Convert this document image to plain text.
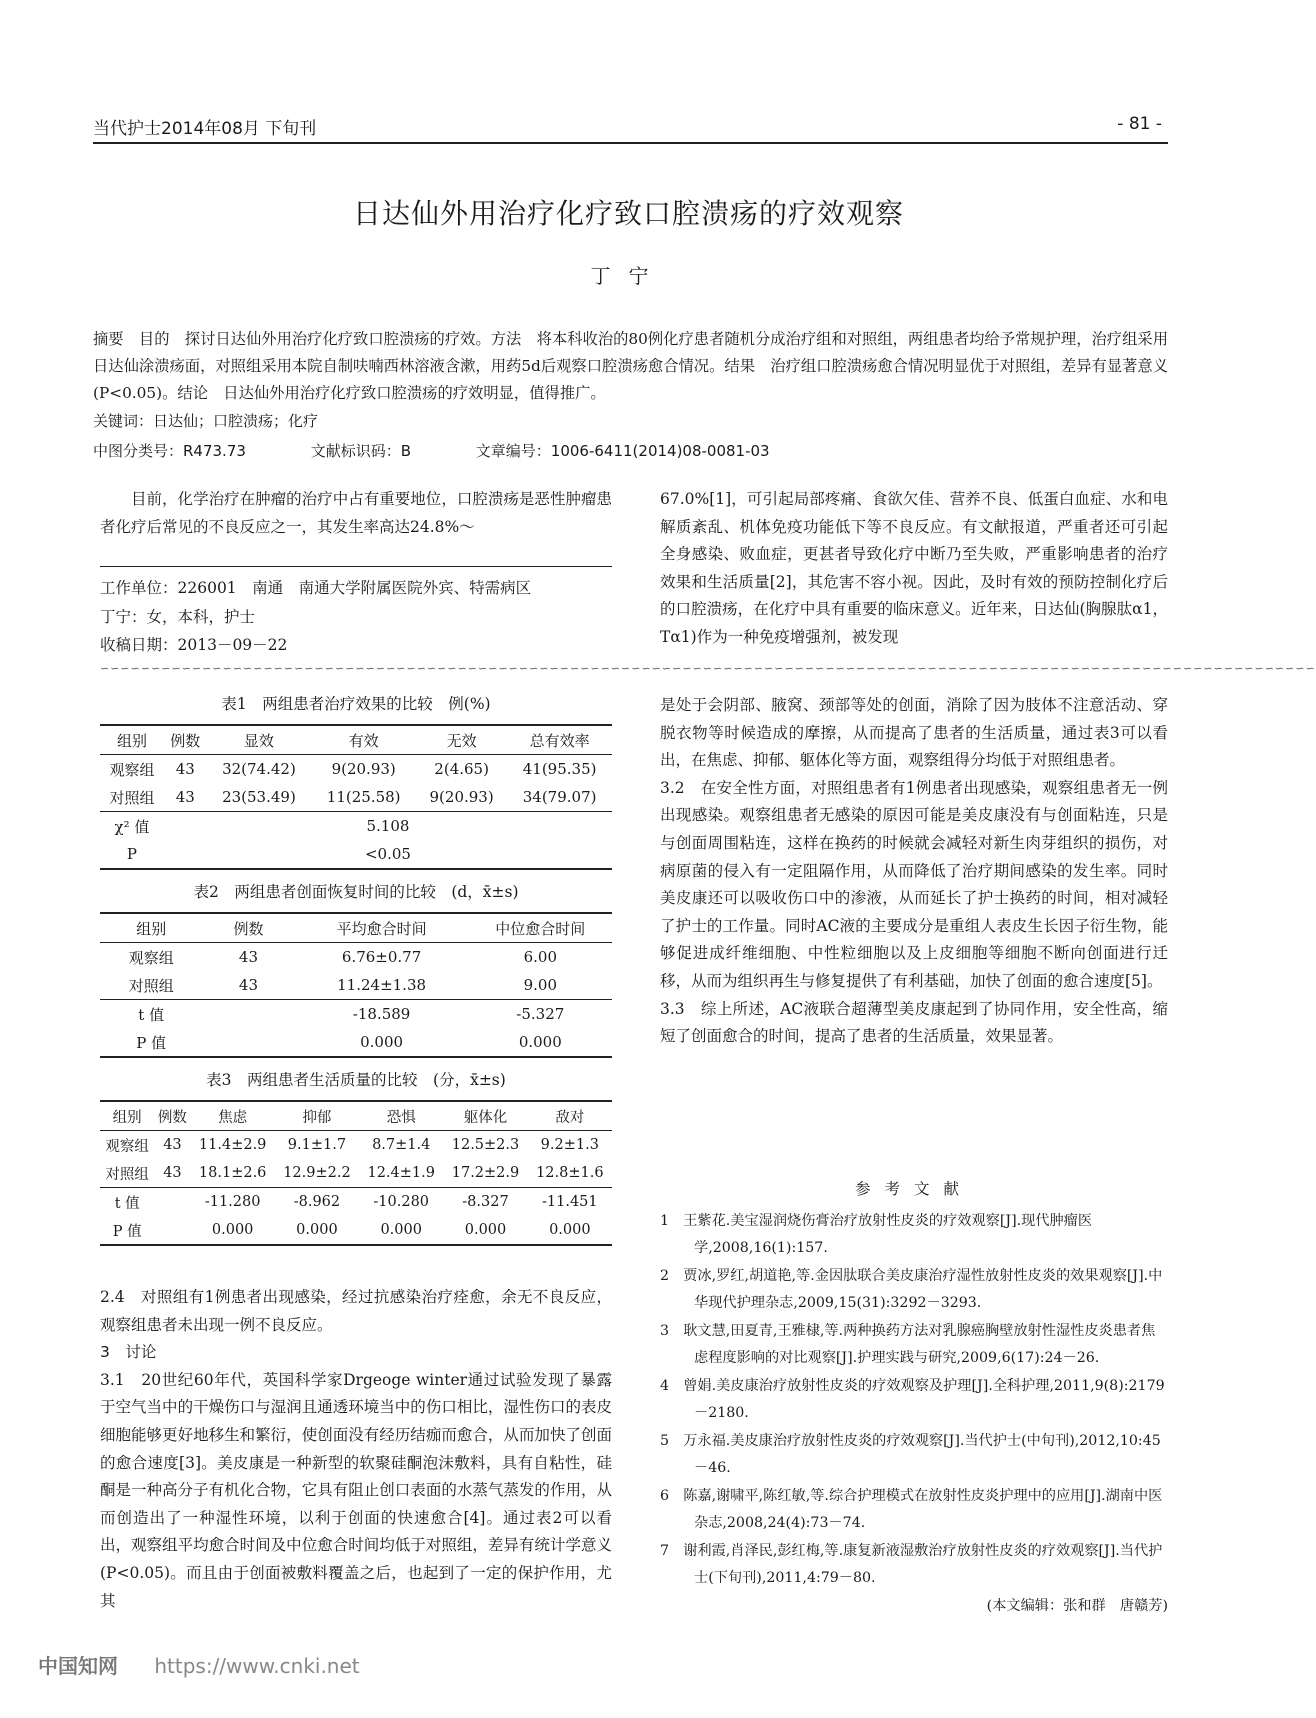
当代护士2014年08月 下旬刊	- 81 -
日达仙外用治疗化疗致口腔溃疡的疗效观察
丁宁
摘要　目的　探讨日达仙外用治疗化疗致口腔溃疡的疗效。方法　将本科收治的80例化疗患者随机分成治疗组和对照组，两组患者均给予常规护理，治疗组采用日达仙涂溃疡面，对照组采用本院自制呋喃西林溶液含漱，用药5d后观察口腔溃疡愈合情况。结果　治疗组口腔溃疡愈合情况明显优于对照组，差异有显著意义(P<0.05)。结论　日达仙外用治疗化疗致口腔溃疡的疗效明显，值得推广。
关键词：日达仙；口腔溃疡；化疗
中图分类号：R473.73	文献标识码：B	文章编号：1006-6411(2014)08-0081-03
目前，化学治疗在肿瘤的治疗中占有重要地位，口腔溃疡是恶性肿瘤患者化疗后常见的不良反应之一，其发生率高达24.8%～
工作单位：226001　南通　南通大学附属医院外宾、特需病区
丁宁：女，本科，护士
收稿日期：2013－09－22
67.0%[1]，可引起局部疼痛、食欲欠佳、营养不良、低蛋白血症、水和电解质紊乱、机体免疫功能低下等不良反应。有文献报道，严重者还可引起全身感染、败血症，更甚者导致化疗中断乃至失败，严重影响患者的治疗效果和生活质量[2]，其危害不容小视。因此，及时有效的预防控制化疗后的口腔溃疡，在化疗中具有重要的临床意义。近年来，日达仙(胸腺肽α1，Tα1)作为一种免疫增强剂，被发现
∽∽∽∽∽∽∽∽∽∽∽∽∽∽∽∽∽∽∽∽∽∽∽∽∽∽∽∽∽∽∽∽∽∽∽∽∽∽∽∽∽∽∽∽∽∽∽∽∽∽∽∽∽∽∽∽∽∽∽∽∽∽∽∽∽∽∽∽∽∽∽∽∽∽∽∽∽∽∽∽∽∽∽∽∽∽∽∽∽∽∽∽∽∽∽∽∽∽∽∽∽∽∽∽∽∽∽∽∽∽∽∽∽∽∽∽∽∽∽
表1　两组患者治疗效果的比较　例(%)
组别	例数	显效	有效	无效	总有效率
观察组	43	32(74.42)	9(20.93)	2(4.65)	41(95.35)
对照组	43	23(53.49)	11(25.58)	9(20.93)	34(79.07)
χ² 值	5.108				
P	<0.05				
表2　两组患者创面恢复时间的比较　(d，x̄±s)
组别	例数	平均愈合时间	中位愈合时间
观察组	43	6.76±0.77	6.00
对照组	43	11.24±1.38	9.00
t 值		-18.589	-5.327
P 值		0.000	0.000
表3　两组患者生活质量的比较　(分，x̄±s)
组别	例数	焦虑	抑郁	恐惧	躯体化	敌对
观察组	43	11.4±2.9	9.1±1.7	8.7±1.4	12.5±2.3	9.2±1.3
对照组	43	18.1±2.6	12.9±2.2	12.4±1.9	17.2±2.9	12.8±1.6
t 值		-11.280	-8.962	-10.280	-8.327	-11.451
P 值		0.000	0.000	0.000	0.000	0.000
2.4　对照组有1例患者出现感染，经过抗感染治疗痊愈，余无不良反应，观察组患者未出现一例不良反应。
3　讨论
3.1　20世纪60年代，英国科学家Drgeoge winter通过试验发现了暴露于空气当中的干燥伤口与湿润且通透环境当中的伤口相比，湿性伤口的表皮细胞能够更好地移生和繁衍，使创面没有经历结痂而愈合，从而加快了创面的愈合速度[3]。美皮康是一种新型的软聚硅酮泡沫敷料，具有自粘性，硅酮是一种高分子有机化合物，它具有阻止创口表面的水蒸气蒸发的作用，从而创造出了一种湿性环境，以利于创面的快速愈合[4]。通过表2可以看出，观察组平均愈合时间及中位愈合时间均低于对照组，差异有统计学意义(P<0.05)。而且由于创面被敷料覆盖之后，也起到了一定的保护作用，尤其
是处于会阴部、腋窝、颈部等处的创面，消除了因为肢体不注意活动、穿脱衣物等时候造成的摩擦，从而提高了患者的生活质量，通过表3可以看出，在焦虑、抑郁、躯体化等方面，观察组得分均低于对照组患者。
3.2　在安全性方面，对照组患者有1例患者出现感染，观察组患者无一例出现感染。观察组患者无感染的原因可能是美皮康没有与创面粘连，只是与创面周围粘连，这样在换药的时候就会减轻对新生肉芽组织的损伤，对病原菌的侵入有一定阻隔作用，从而降低了治疗期间感染的发生率。同时美皮康还可以吸收伤口中的渗液，从而延长了护士换药的时间，相对减轻了护士的工作量。同时AC液的主要成分是重组人表皮生长因子衍生物，能够促进成纤维细胞、中性粒细胞以及上皮细胞等细胞不断向创面进行迁移，从而为组织再生与修复提供了有利基础，加快了创面的愈合速度[5]。
3.3　综上所述，AC液联合超薄型美皮康起到了协同作用，安全性高，缩短了创面愈合的时间，提高了患者的生活质量，效果显著。
参考文献
1　王紫花.美宝湿润烧伤膏治疗放射性皮炎的疗效观察[J].现代肿瘤医学,2008,16(1):157.
2　贾冰,罗红,胡道艳,等.金因肽联合美皮康治疗湿性放射性皮炎的效果观察[J].中华现代护理杂志,2009,15(31):3292－3293.
3　耿文慧,田夏青,王雅棣,等.两种换药方法对乳腺癌胸壁放射性湿性皮炎患者焦虑程度影响的对比观察[J].护理实践与研究,2009,6(17):24－26.
4　曾娟.美皮康治疗放射性皮炎的疗效观察及护理[J].全科护理,2011,9(8):2179－2180.
5　万永福.美皮康治疗放射性皮炎的疗效观察[J].当代护士(中旬刊),2012,10:45－46.
6　陈嘉,谢啸平,陈红敏,等.综合护理模式在放射性皮炎护理中的应用[J].湖南中医杂志,2008,24(4):73－74.
7　谢利霞,肖泽民,彭红梅,等.康复新液湿敷治疗放射性皮炎的疗效观察[J].当代护士(下旬刊),2011,4:79－80.
(本文编辑：张和群　唐赣芳)
中国知网 https://www.cnki.net
